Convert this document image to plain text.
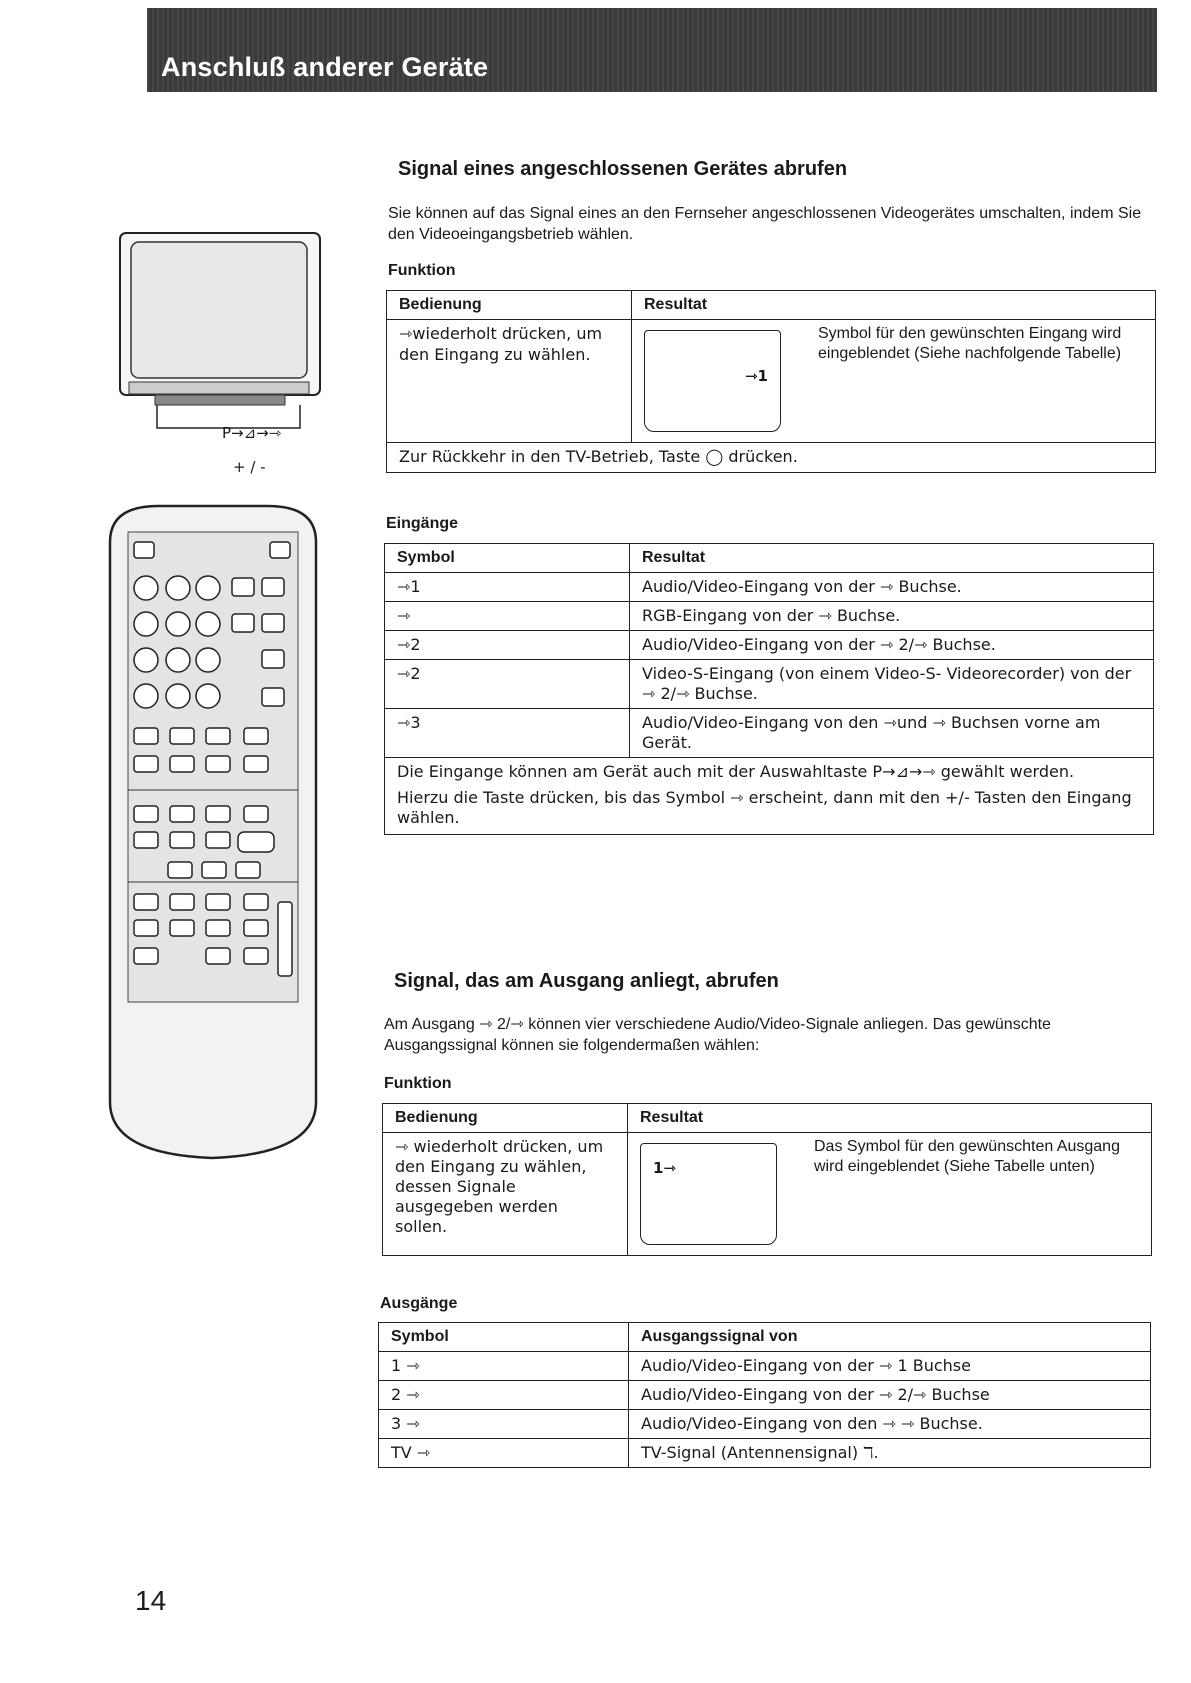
Anschluß anderer Geräte
P→⊿→⇾
+ / -
Signal eines angeschlossenen Gerätes abrufen

Sie können auf das Signal eines an den Fernseher angeschlossenen Videogerätes umschalten, indem Sie den Videoeingangsbetrieb wählen.

Funktion
Bedienung	Resultat	
⇾wiederholt drücken, um den Eingang zu wählen.	⇾1	Symbol für den gewünschten Eingang wird eingeblendet (Siehe nachfolgende Tabelle)
Zur Rückkehr in den TV-Betrieb, Taste ◯ drücken.		
Eingänge
Symbol	Resultat
⇾1	Audio/Video-Eingang von der ⇾ Buchse.
⇾	RGB-Eingang von der ⇾ Buchse.
⇾2	Audio/Video-Eingang von der ⇾ 2/⇾ Buchse.
⇾2	Video-S-Eingang (von einem Video-S- Videorecorder) von der ⇾ 2/⇾ Buchse.
⇾3	Audio/Video-Eingang von den ⇾und ⇾ Buchsen vorne am Gerät.

Die Eingange können am Gerät auch mit der Auswahltaste P→⊿→⇾ gewählt werden.
Hierzu die Taste drücken, bis das Symbol ⇾ erscheint, dann mit den +/- Tasten den Eingang wählen.	
Signal, das am Ausgang anliegt, abrufen

Am Ausgang ⇾ 2/⇾ können vier verschiedene Audio/Video-Signale anliegen. Das gewünschte Ausgangssignal können sie folgendermaßen wählen:

Funktion
Bedienung	Resultat	
⇾ wiederholt drücken, um den Eingang zu wählen, dessen Signale ausgegeben werden sollen.	1⇾	Das Symbol für den gewünschten Ausgang wird eingeblendet (Siehe Tabelle unten)
Ausgänge
Symbol	Ausgangssignal von
1 ⇾	Audio/Video-Eingang von der ⇾ 1 Buchse
2 ⇾	Audio/Video-Eingang von der ⇾ 2/⇾ Buchse
3 ⇾	Audio/Video-Eingang von den ⇾ ⇾ Buchse.
TV ⇾	TV-Signal (Antennensignal) ℸ.
14
